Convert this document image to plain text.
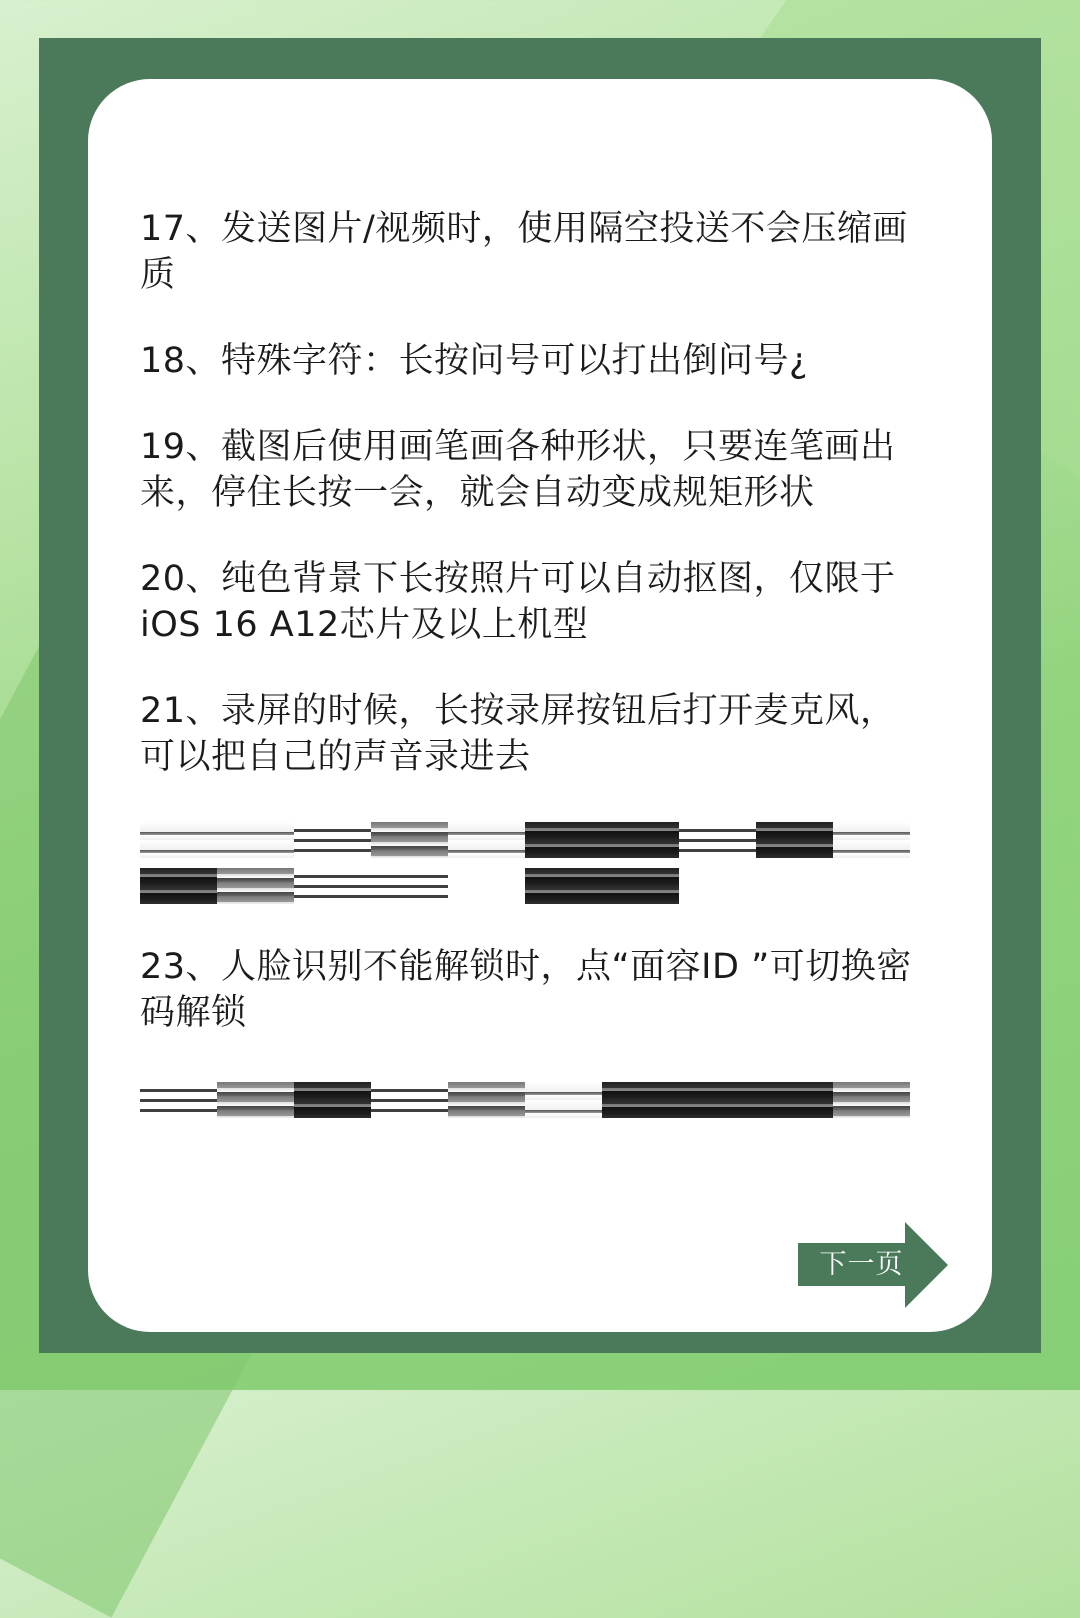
17、发送图片/视频时，使用隔空投送不会压缩画质

18、特殊字符：长按问号可以打出倒问号¿

19、截图后使用画笔画各种形状，只要连笔画出来，停住长按一会，就会自动变成规矩形状

20、纯色背景下长按照片可以自动抠图，仅限于iOS 16 A12芯片及以上机型

21、录屏的时候，长按录屏按钮后打开麦克风，可以把自己的声音录进去

23、人脸识别不能解锁时，点“面容ID ”可切换密码解锁

下一页
